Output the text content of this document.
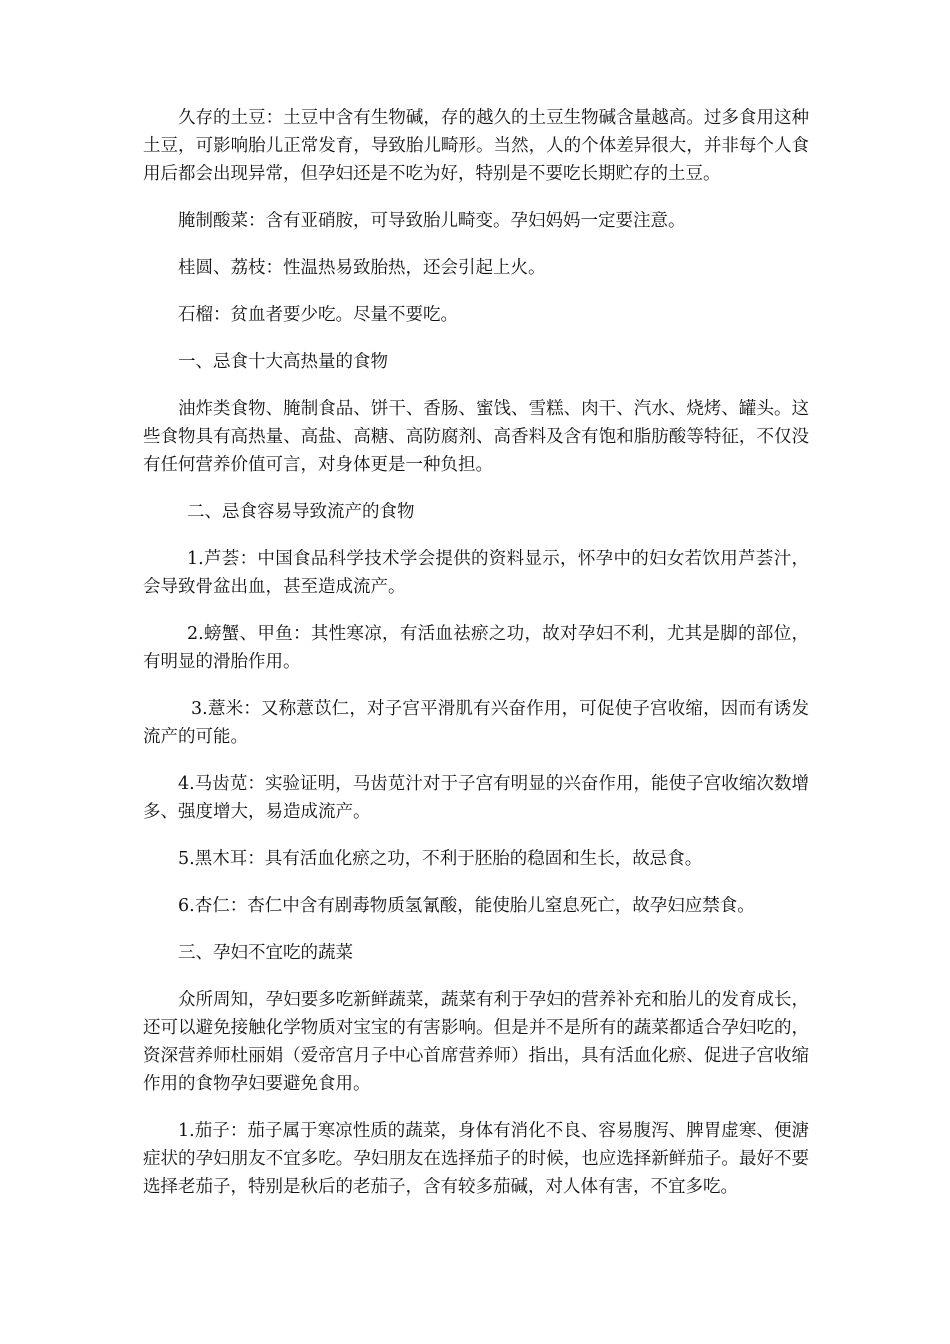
久存的土豆：土豆中含有生物碱，存的越久的土豆生物碱含量越高。过多食用这种土豆，可影响胎儿正常发育，导致胎儿畸形。当然，人的个体差异很大，并非每个人食用后都会出现异常，但孕妇还是不吃为好，特别是不要吃长期贮存的土豆。

腌制酸菜：含有亚硝胺，可导致胎儿畸变。孕妇妈妈一定要注意。

桂圆、荔枝：性温热易致胎热，还会引起上火。

石榴：贫血者要少吃。尽量不要吃。

一、忌食十大高热量的食物

油炸类食物、腌制食品、饼干、香肠、蜜饯、雪糕、肉干、汽水、烧烤、罐头。这些食物具有高热量、高盐、高糖、高防腐剂、高香料及含有饱和脂肪酸等特征，不仅没有任何营养价值可言，对身体更是一种负担。

二、忌食容易导致流产的食物

1.芦荟：中国食品科学技术学会提供的资料显示，怀孕中的妇女若饮用芦荟汁，会导致骨盆出血，甚至造成流产。

2.螃蟹、甲鱼：其性寒凉，有活血祛瘀之功，故对孕妇不利，尤其是脚的部位，有明显的滑胎作用。

3.薏米：又称薏苡仁，对子宫平滑肌有兴奋作用，可促使子宫收缩，因而有诱发流产的可能。

4.马齿苋：实验证明，马齿苋汁对于子宫有明显的兴奋作用，能使子宫收缩次数增多、强度增大，易造成流产。

5.黑木耳：具有活血化瘀之功，不利于胚胎的稳固和生长，故忌食。

6.杏仁：杏仁中含有剧毒物质氢氰酸，能使胎儿窒息死亡，故孕妇应禁食。

三、孕妇不宜吃的蔬菜

众所周知，孕妇要多吃新鲜蔬菜，蔬菜有利于孕妇的营养补充和胎儿的发育成长，还可以避免接触化学物质对宝宝的有害影响。但是并不是所有的蔬菜都适合孕妇吃的，资深营养师杜丽娟（爱帝宫月子中心首席营养师）指出，具有活血化瘀、促进子宫收缩作用的食物孕妇要避免食用。

1.茄子：茄子属于寒凉性质的蔬菜，身体有消化不良、容易腹泻、脾胃虚寒、便溏症状的孕妇朋友不宜多吃。孕妇朋友在选择茄子的时候，也应选择新鲜茄子。最好不要选择老茄子，特别是秋后的老茄子，含有较多茄碱，对人体有害，不宜多吃。
